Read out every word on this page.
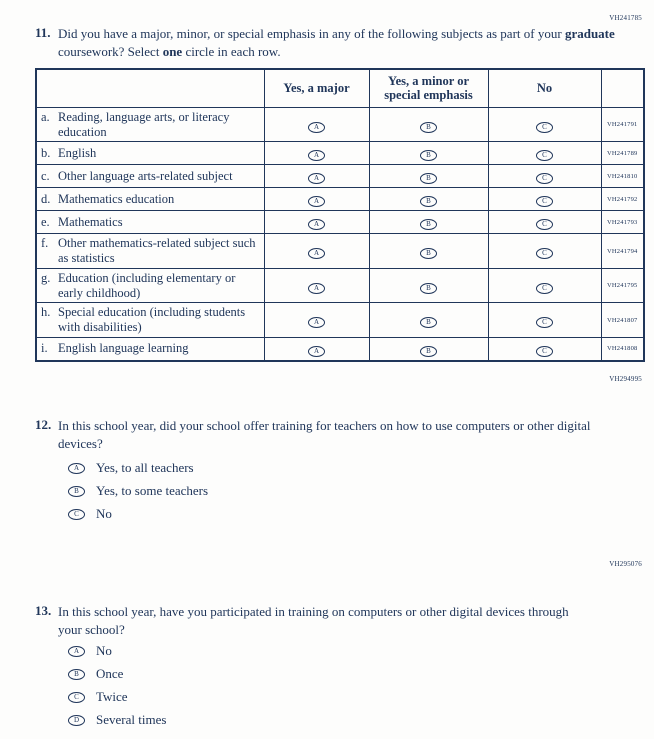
VH241785
VH294995
VH295076
11. Did you have a major, minor, or special emphasis in any of the following subjects as part of your graduate coursework? Select one circle in each row.
	Yes, a major	Yes, a minor or special emphasis	No	

a. Reading, language arts, or literacy education	A	B	C	VH241791

b. English	A	B	C	VH241789

c. Other language arts-related subject	A	B	C	VH241810

d. Mathematics education	A	B	C	VH241792

e. Mathematics	A	B	C	VH241793

f. Other mathematics-related subject such as statistics	A	B	C	VH241794

g. Education (including elementary or early childhood)	A	B	C	VH241795

h. Special education (including students with disabilities)	A	B	C	VH241807

i. English language learning	A	B	C	VH241808
12. In this school year, did your school offer training for teachers on how to use computers or other digital devices?
A Yes, to all teachers
B Yes, to some teachers
C No
13. In this school year, have you participated in training on computers or other digital devices through your school?
A No
B Once
C Twice
D Several times
